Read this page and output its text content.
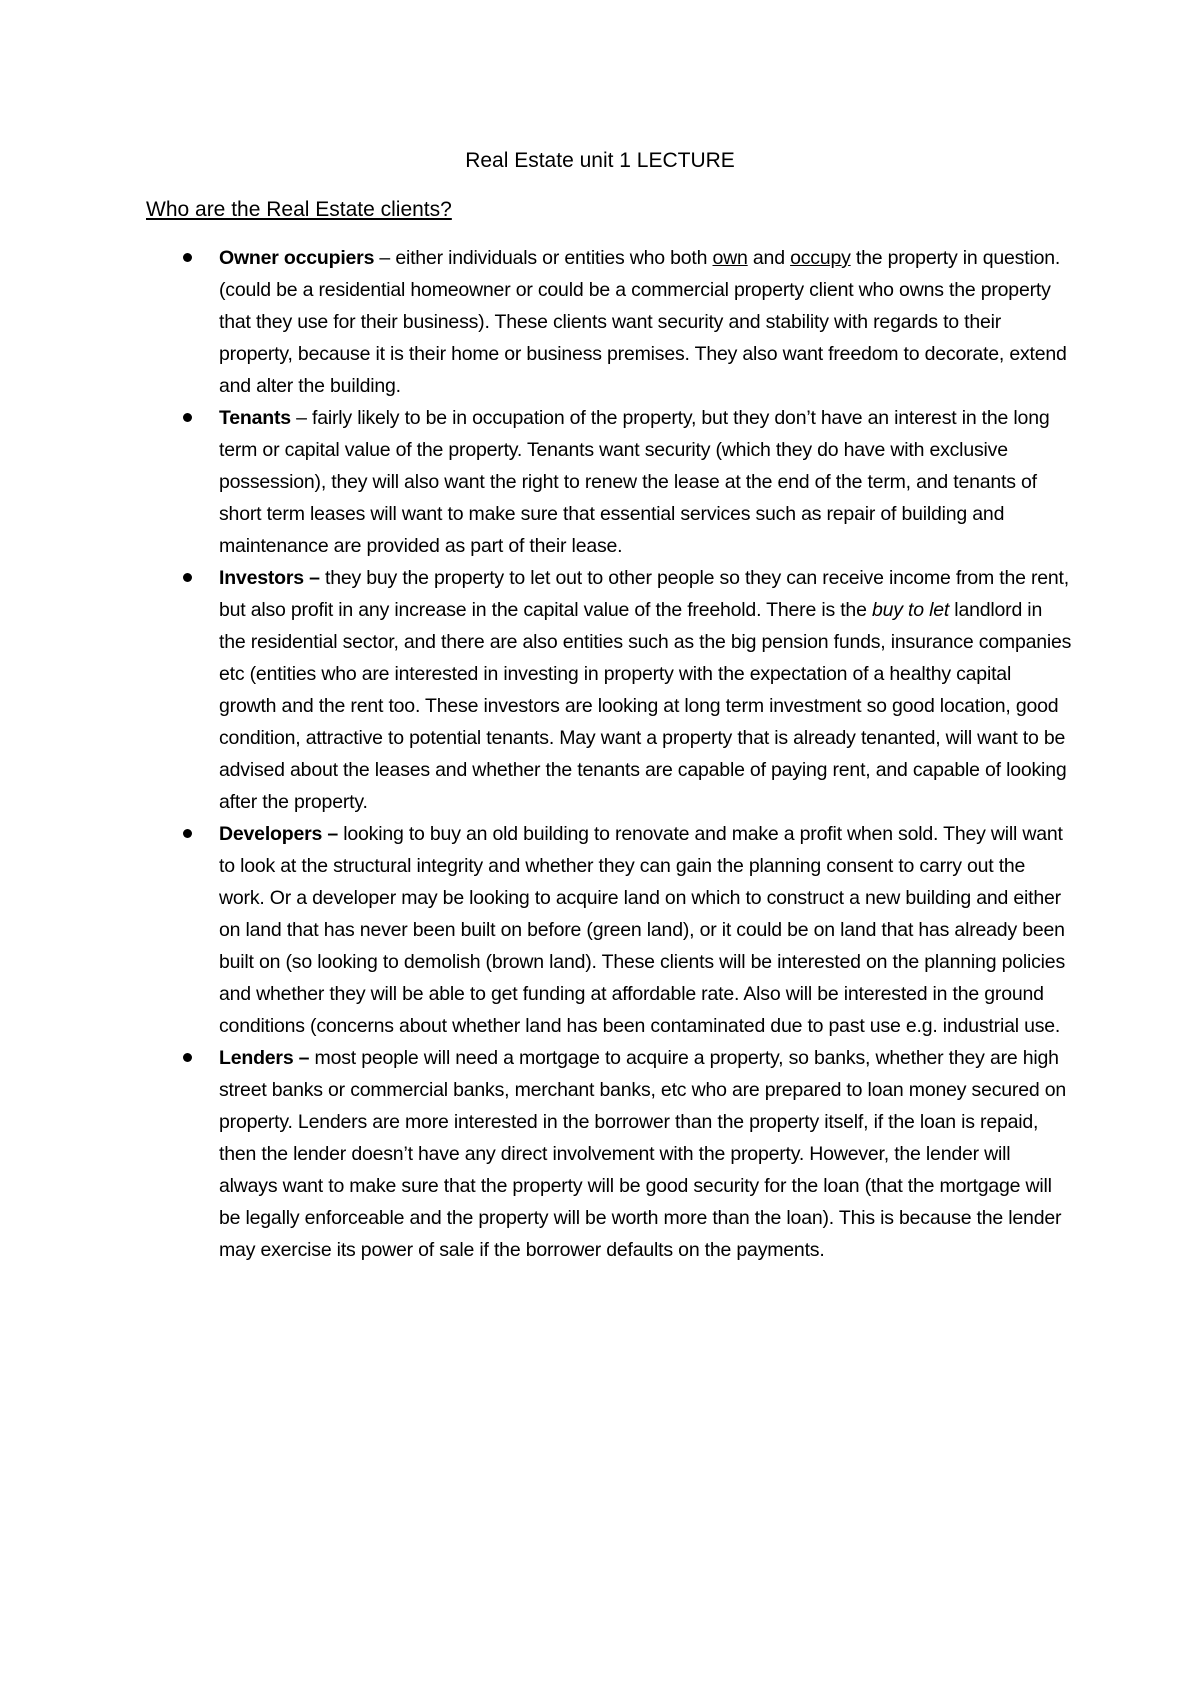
Real Estate unit 1 LECTURE
Who are the Real Estate clients?
Owner occupiers – either individuals or entities who both own and occupy the property in question. (could be a residential homeowner or could be a commercial property client who owns the property that they use for their business). These clients want security and stability with regards to their property, because it is their home or business premises. They also want freedom to decorate, extend and alter the building.
Tenants – fairly likely to be in occupation of the property, but they don’t have an interest in the long term or capital value of the property. Tenants want security (which they do have with exclusive possession), they will also want the right to renew the lease at the end of the term, and tenants of short term leases will want to make sure that essential services such as repair of building and maintenance are provided as part of their lease.
Investors – they buy the property to let out to other people so they can receive income from the rent, but also profit in any increase in the capital value of the freehold. There is the buy to let landlord in the residential sector, and there are also entities such as the big pension funds, insurance companies etc (entities who are interested in investing in property with the expectation of a healthy capital growth and the rent too. These investors are looking at long term investment so good location, good condition, attractive to potential tenants. May want a property that is already tenanted, will want to be advised about the leases and whether the tenants are capable of paying rent, and capable of looking after the property.
Developers – looking to buy an old building to renovate and make a profit when sold. They will want to look at the structural integrity and whether they can gain the planning consent to carry out the work. Or a developer may be looking to acquire land on which to construct a new building and either on land that has never been built on before (green land), or it could be on land that has already been built on (so looking to demolish (brown land). These clients will be interested on the planning policies and whether they will be able to get funding at affordable rate. Also will be interested in the ground conditions (concerns about whether land has been contaminated due to past use e.g. industrial use.
Lenders – most people will need a mortgage to acquire a property, so banks, whether they are high street banks or commercial banks, merchant banks, etc who are prepared to loan money secured on property. Lenders are more interested in the borrower than the property itself, if the loan is repaid, then the lender doesn’t have any direct involvement with the property. However, the lender will always want to make sure that the property will be good security for the loan (that the mortgage will be legally enforceable and the property will be worth more than the loan). This is because the lender may exercise its power of sale if the borrower defaults on the payments.
